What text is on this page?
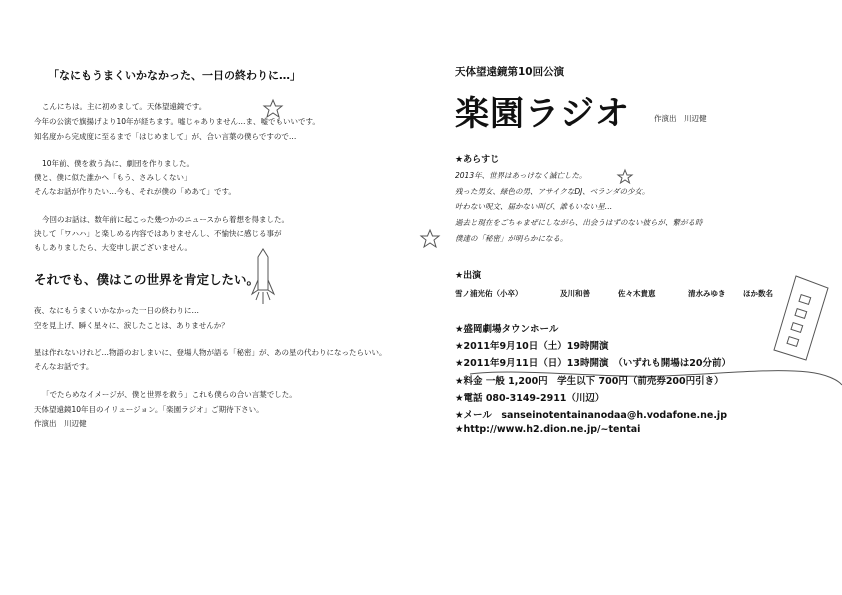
「なにもうまくいかなかった、一日の終わりに…」
こんにちは。主に初めまして。天体望遠鏡です。
今年の公演で旗揚げより10年が経ちます。嘘じゃありません…ま、嘘でもいいです。
知名度から完成度に至るまで「はじめまして」が、合い言葉の僕らですので…
10年前、僕を救う為に、劇団を作りました。
僕と、僕に似た誰かへ「もう、さみしくない」
そんなお話が作りたい…今も、それが僕の「めあて」です。
今回のお話は、数年前に起こった幾つかのニュースから着想を得ました。
決して「ワハハ」と楽しめる内容ではありませんし、不愉快に感じる事が
もしありましたら、大変申し訳ございません。
それでも、僕はこの世界を肯定したい。
夜、なにもうまくいかなかった一日の終わりに…
空を見上げ、瞬く星々に、涙したことは、ありませんか？
星は作れないけれど…物語のおしまいに、登場人物が語る「秘密」が、あの星の代わりになったらいい。
そんなお話です。
「でたらめなイメージが、僕と世界を救う」これも僕らの合い言葉でした。
天体望遠鏡10年目のイリュージョン。「楽園ラジオ」ご期待下さい。
作演出　川辺健
天体望遠鏡第10回公演
楽園ラジオ	作演出　川辺健
★あらすじ
2013年、世界はあっけなく滅亡した。
残った男女、緑色の男、アサイクなDJ、ベランダの少女。
叶わない呪文、届かない叫び、誰もいない星…
過去と現在をごちゃまぜにしながら、出会うはずのない彼らが、繋がる時
僕達の「秘密」が明らかになる。
★出演
雪ノ浦光佑（小卒）	及川和善	佐々木貴恵	清水みゆき ほか数名
★盛岡劇場タウンホール
★2011年9月10日（土）19時開演
★2011年9月11日（日）13時開演　（いずれも開場は20分前）
★料金 一般 1,200円　学生以下 700円（前売券200円引き）
★電話 080-3149-2911（川辺）
★メール　sanseinotentainanodaa@h.vodafone.ne.jp
★http://www.h2.dion.ne.jp/~tentai
